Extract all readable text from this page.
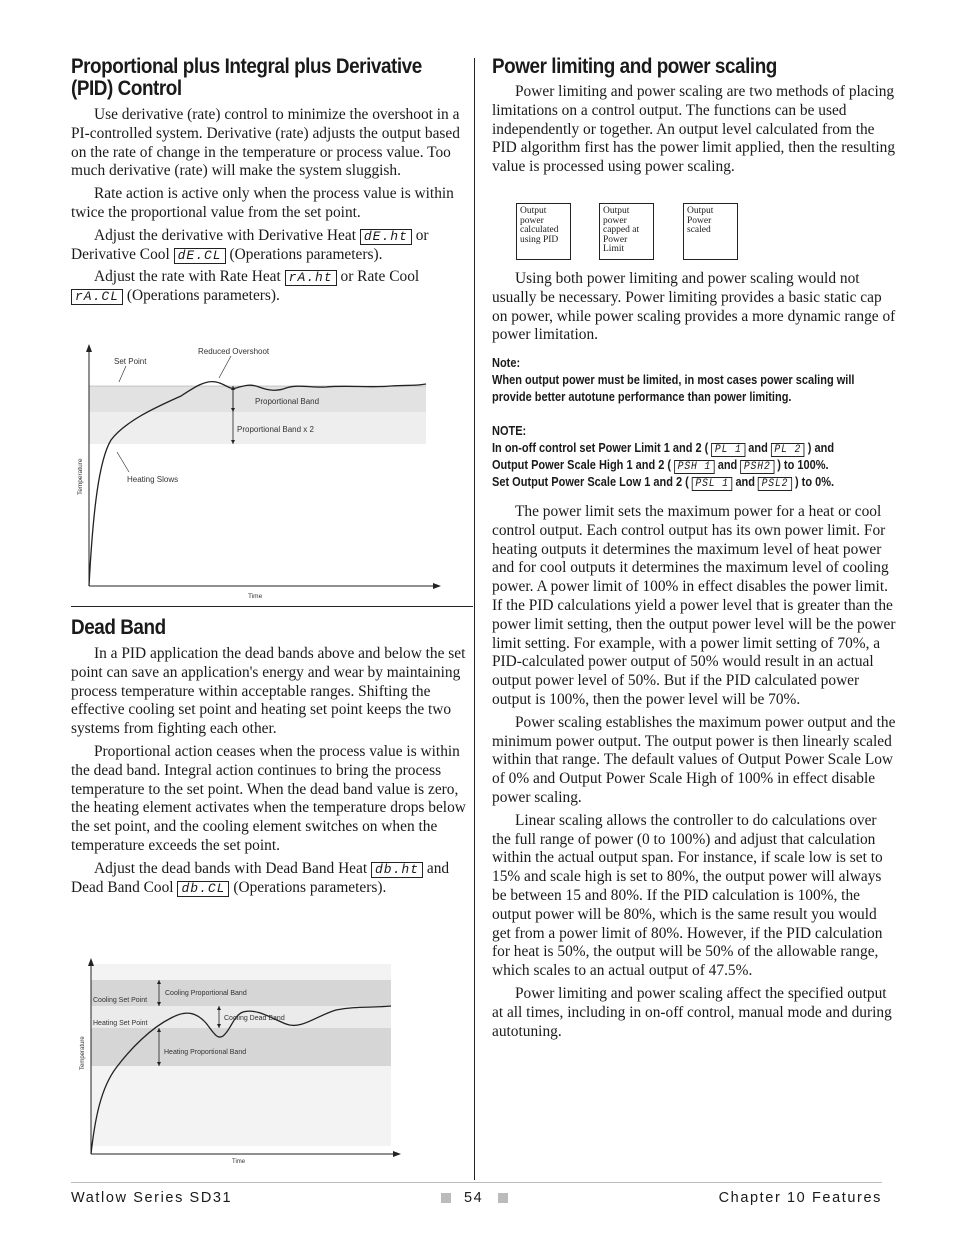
Proportional plus Integral plus Derivative (PID) Control

Use derivative (rate) control to minimize the overshoot in a PI-controlled system. Derivative (rate) adjusts the output based on the rate of change in the temperature or process value. Too much derivative (rate) will make the system sluggish.

Rate action is active only when the process value is within twice the proportional value from the set point.

Adjust the derivative with Derivative Heat dE.ht or Derivative Cool dE.CL (Operations parameters).

Adjust the rate with Rate Heat rA.ht or Rate Cool rA.CL (Operations parameters).

Set Point
Reduced Overshoot
Proportional Band
Proportional Band x 2
Heating Slows
Temperature
Time
Dead Band

In a PID application the dead bands above and below the set point can save an application's energy and wear by maintaining process temperature within acceptable ranges. Shifting the effective cooling set point and heating set point keeps the two systems from fighting each other.

Proportional action ceases when the process value is within the dead band. Integral action continues to bring the process temperature to the set point. When the dead band value is zero, the heating element activates when the temperature drops below the set point, and the cooling element switches on when the temperature exceeds the set point.

Adjust the dead bands with Dead Band Heat db.ht and Dead Band Cool db.CL (Operations parameters).

Cooling Proportional Band
Cooling Set Point
Cooling Dead Band
Heating Set Point
Heating Proportional Band
Temperature
Time
Power limiting and power scaling

Power limiting and power scaling are two methods of placing limitations on a control output. The functions can be used independently or together. An output level calculated from the PID algorithm first has the power limit applied, then the resulting value is processed using power scaling.

Output power calculated using PID
Output power capped at Power Limit
Output Power scaled

Using both power limiting and power scaling would not usually be necessary. Power limiting provides a basic static cap on power, while power scaling provides a more dynamic range of power limitation.

Note:
When output power must be limited, in most cases power scaling will provide better autotune performance than power limiting.
NOTE:
In on-off control set Power Limit 1 and 2 ( PL 1 and PL 2 ) and
Output Power Scale High 1 and 2 ( PSH 1 and PSH2 ) to 100%.
Set Output Power Scale Low 1 and 2 ( PSL 1 and PSL2 ) to 0%.

The power limit sets the maximum power for a heat or cool control output. Each control output has its own power limit. For heating outputs it determines the maximum level of heat power and for cool outputs it determines the maximum level of cooling power. A power limit of 100% in effect disables the power limit. If the PID calculations yield a power level that is greater than the power limit setting, then the output power level will be the power limit setting. For example, with a power limit setting of 70%, a PID-calculated power output of 50% would result in an actual output power level of 50%. But if the PID calculated power output is 100%, then the power level will be 70%.

Power scaling establishes the maximum power output and the minimum power output. The output power is then linearly scaled within that range. The default values of Output Power Scale Low of 0% and Output Power Scale High of 100% in effect disable power scaling.

Linear scaling allows the controller to do calculations over the full range of power (0 to 100%) and adjust that calculation within the actual output span. For instance, if scale low is set to 15% and scale high is set to 80%, the output power will always be between 15 and 80%. If the PID calculation is 100%, the output power will be 80%, which is the same result you would get from a power limit of 80%. However, if the PID calculation for heat is 50%, the output will be 50% of the allowable range, which scales to an actual output of 47.5%.

Power limiting and power scaling affect the specified output at all times, including in on-off control, manual mode and during autotuning.

Watlow Series SD31	54	Chapter 10 Features
